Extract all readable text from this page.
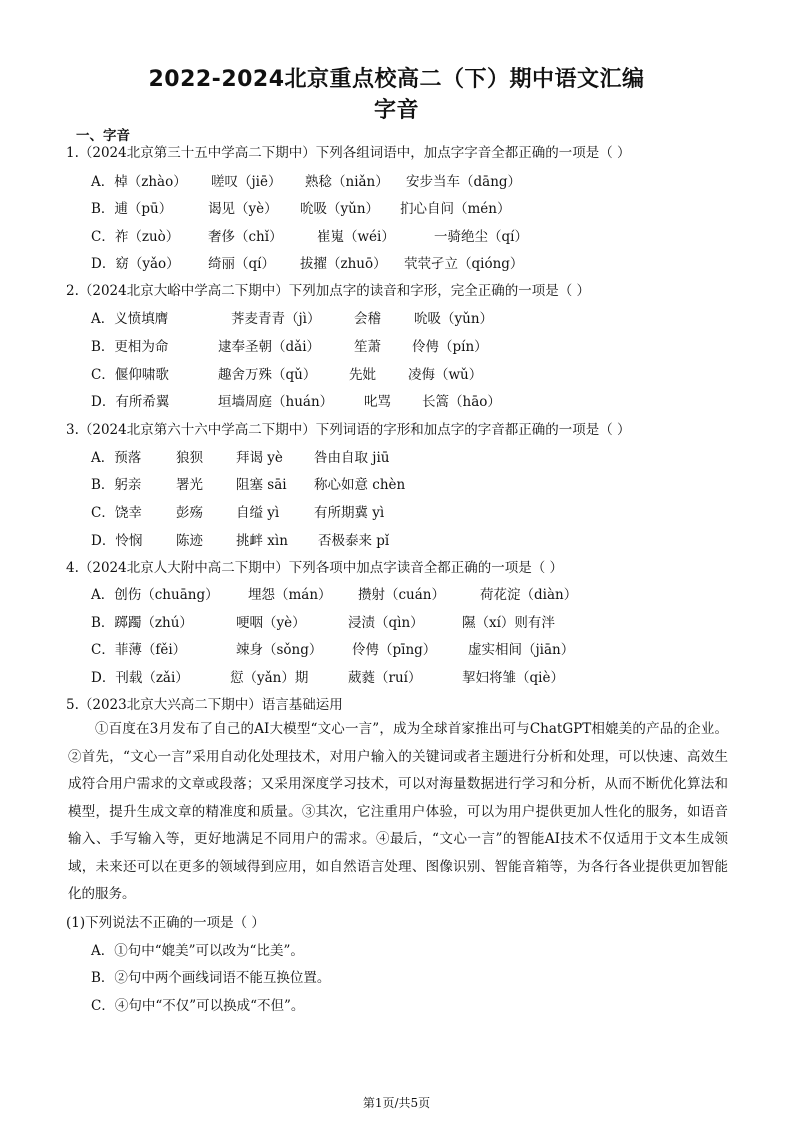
2022-2024北京重点校高二（下）期中语文汇编
字音
一、字音
1.（2024北京第三十五中学高二下期中）下列各组词语中，加点字字音全都正确的一项是（ ）
A．棹（zhào） 嗟叹（jiē） 熟稔（niǎn） 安步当车（dāng）
B．逋（pū）	谒见（yè） 吮吸（yǔn） 扪心自问（mén）
C．祚（zuò） 奢侈（chǐ）	崔嵬（wéi）	一骑绝尘（qí）
D．窈（yǎo） 绮丽（qí） 拔擢（zhuō） 茕茕孑立（qióng）
2.（2024北京大峪中学高二下期中）下列加点字的读音和字形，完全正确的一项是（ ）
A．义愤填膺	荠麦青青（jì） 会稽 吮吸（yǔn）
B．更相为命	逮奉圣朝（dǎi）	笙萧 伶俜（pín）
C．偃仰啸歌	趣舍万殊（qǔ） 先妣 凌侮（wǔ）
D．有所希翼	垣墙周庭（huán） 叱骂 长篙（hāo）
3.（2024北京第六十六中学高二下期中）下列词语的字形和加点字的字音都正确的一项是（ ）
A．预落	狼狈 拜谒 yè 咎由自取 jiū
B．躬亲	署光 阻塞 sāi 称心如意 chèn
C．饶幸	彭殇 自缢 yì	有所期冀 yì
D．怜悯 陈迹 挑衅 xìn 否极泰来 pǐ
4.（2024北京人大附中高二下期中）下列各项中加点字读音全都正确的一项是（ ）
A．创伤（chuāng） 埋怨（mán） 攒射（cuán）	荷花淀（diàn）
B．踯躅（zhú）	哽咽（yè）	浸渍（qìn）	隰（xí）则有泮
C．菲薄（fěi）	竦身（sǒng） 伶俜（pīng） 虚实相间（jiān）
D．刊载（zǎi）	愆（yǎn）期	葳蕤（ruí）	挈妇将雏（qiè）
5.（2023北京大兴高二下期中）语言基础运用
①百度在3月发布了自己的AI大模型“文心一言”，成为全球首家推出可与ChatGPT相媲美的产品的企业。②首先，“文心一言”采用自动化处理技术，对用户输入的关键词或者主题进行分析和处理，可以快速、高效生成符合用户需求的文章或段落；又采用深度学习技术，可以对海量数据进行学习和分析，从而不断优化算法和模型，提升生成文章的精准度和质量。③其次，它注重用户体验，可以为用户提供更加人性化的服务，如语音输入、手写输入等，更好地满足不同用户的需求。④最后，“文心一言”的智能AI技术不仅适用于文本生成领域，未来还可以在更多的领域得到应用，如自然语言处理、图像识别、智能音箱等，为各行各业提供更加智能化的服务。
(1)下列说法不正确的一项是（ ）
A．①句中“媲美”可以改为“比美”。
B．②句中两个画线词语不能互换位置。
C．④句中“不仅”可以换成“不但”。
第1页/共5页
